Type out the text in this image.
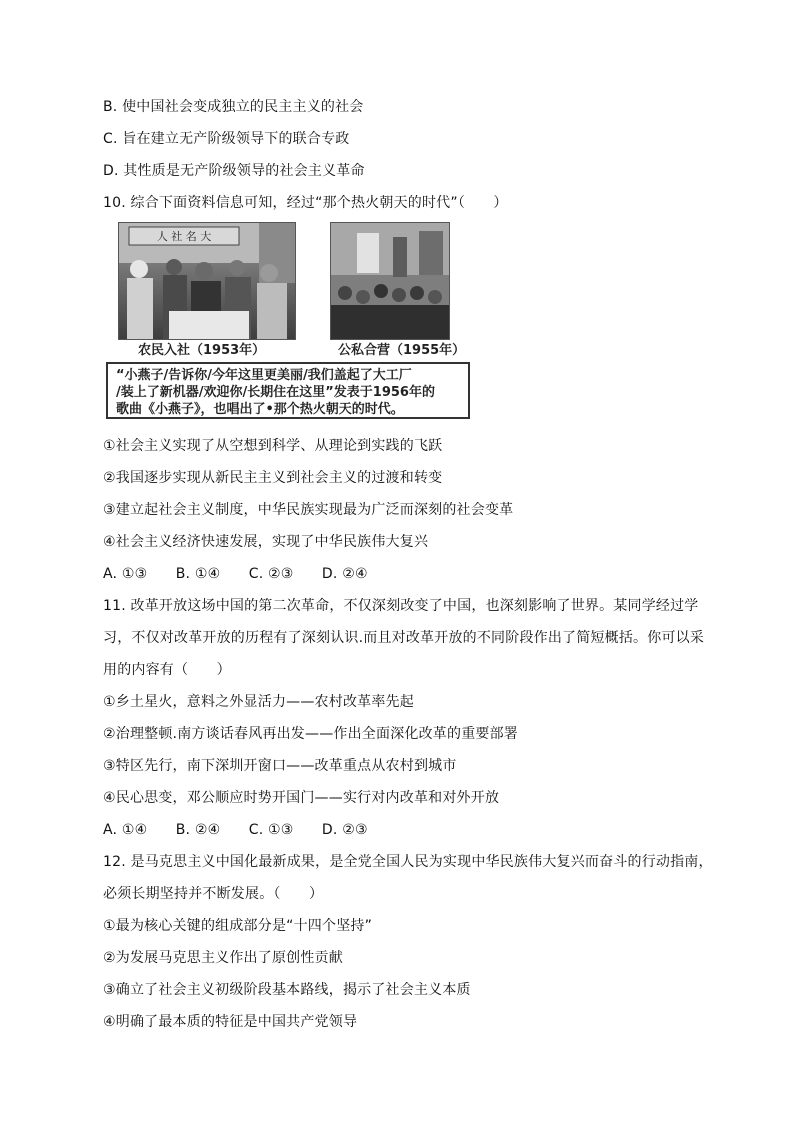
B. 使中国社会变成独立的民主主义的社会
C. 旨在建立无产阶级领导下的联合专政
D. 其性质是无产阶级领导的社会主义革命
10. 综合下面资料信息可知，经过“那个热火朝天的时代”（　　）
人 社 名 大
农民入社（1953年）	公私合营（1955年）
“小燕子/告诉你/今年这里更美丽/我们盖起了大工厂
/装上了新机器/欢迎你/长期住在这里”发表于1956年的
歌曲《小燕子》，也唱出了•那个热火朝天的时代。
①社会主义实现了从空想到科学、从理论到实践的飞跃
②我国逐步实现从新民主主义到社会主义的过渡和转变
③建立起社会主义制度，中华民族实现最为广泛而深刻的社会变革
④社会主义经济快速发展，实现了中华民族伟大复兴
A. ①③　　B. ①④　　C. ②③　　D. ②④
11. 改革开放这场中国的第二次革命，不仅深刻改变了中国，也深刻影响了世界。某同学经过学
习，不仅对改革开放的历程有了深刻认识.而且对改革开放的不同阶段作出了简短概括。你可以采
用的内容有（　　）
①乡土星火，意料之外显活力——农村改革率先起
②治理整顿.南方谈话春风再出发——作出全面深化改革的重要部署
③特区先行，南下深圳开窗口——改革重点从农村到城市
④民心思变，邓公顺应时势开国门——实行对内改革和对外开放
A. ①④　　B. ②④　　C. ①③　　D. ②③
12. 是马克思主义中国化最新成果，是全党全国人民为实现中华民族伟大复兴而奋斗的行动指南，
必须长期坚持并不断发展。（　　）
①最为核心关键的组成部分是“十四个坚持”
②为发展马克思主义作出了原创性贡献
③确立了社会主义初级阶段基本路线，揭示了社会主义本质
④明确了最本质的特征是中国共产党领导
